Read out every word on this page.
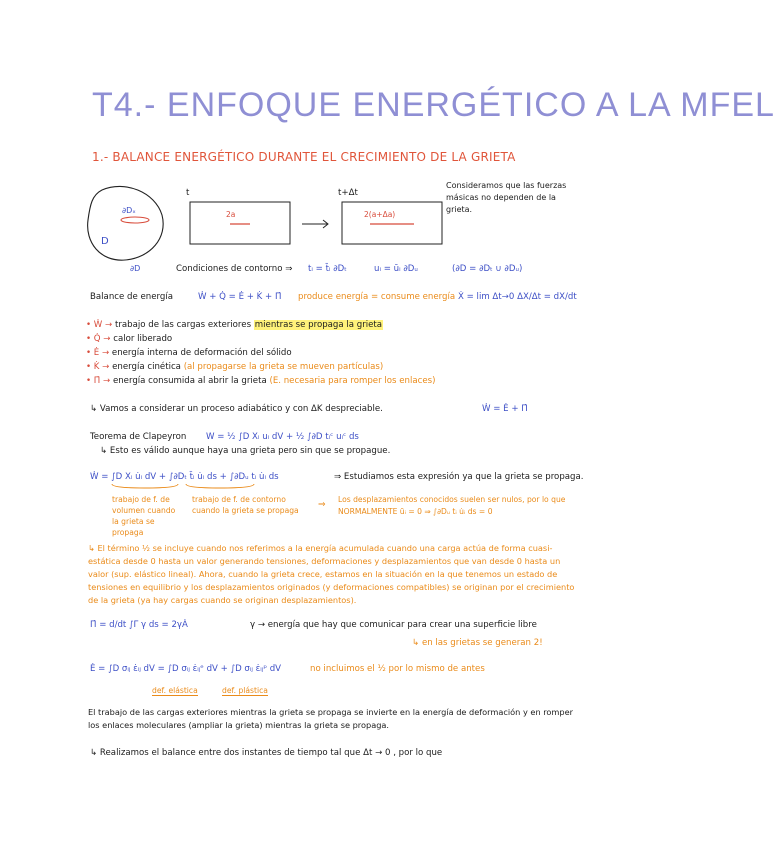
T4.- ENFOQUE ENERGÉTICO A LA MFEL
1.- BALANCE ENERGÉTICO DURANTE EL CRECIMIENTO DE LA GRIETA
∂Dₓ
D
∂D
t	t+Δt
2a	2(a+Δa)
Consideramos que las fuerzas másicas no dependen de la grieta.
Condiciones de contorno ⇒ tᵢ = t̄ᵢ ∂Dₜ	uᵢ = ūᵢ ∂Dᵤ	(∂D = ∂Dₜ ∪ ∂Dᵤ)
Balance de energía	Ẇ + Q̇ = Ė + K̇ + Π̇ produce energía = consume energía Ẋ = lim Δt→0 ΔX/Δt = dX/dt
• Ẇ → trabajo de las cargas exteriores mientras se propaga la grieta
• Q̇ → calor liberado
• Ė → energía interna de deformación del sólido
• K̇ → energía cinética (al propagarse la grieta se mueven partículas)
• Π̇ → energía consumida al abrir la grieta (E. necesaria para romper los enlaces)
↳ Vamos a considerar un proceso adiabático y con ΔK despreciable.	Ẇ = Ė + Π̇
Teorema de Clapeyron W = ½ ∫D Xᵢ uᵢ dV + ½ ∫∂D tᵢᶜ uᵢᶜ ds
↳ Esto es válido aunque haya una grieta pero sin que se propague.
Ẇ = ∫D Xᵢ u̇ᵢ dV + ∫∂Dₜ t̄ᵢ u̇ᵢ ds + ∫∂Dᵤ tᵢ u̇ᵢ ds	⇒ Estudiamos esta expresión ya que la grieta se propaga.
trabajo de f. de volumen cuando la grieta se propaga
trabajo de f. de contorno cuando la grieta se propaga
⇒
Los desplazamientos conocidos suelen ser nulos, por lo que NORMALMENTE ūᵢ = 0 ⇒ ∫∂Dᵤ tᵢ u̇ᵢ ds = 0
↳ El término ½ se incluye cuando nos referimos a la energía acumulada cuando una carga actúa de forma cuasi-estática desde 0 hasta un valor generando tensiones, deformaciones y desplazamientos que van desde 0 hasta un valor (sup. elástico lineal). Ahora, cuando la grieta crece, estamos en la situación en la que tenemos un estado de tensiones en equilibrio y los desplazamientos originados (y deformaciones compatibles) se originan por el crecimiento de la grieta (ya hay cargas cuando se originan desplazamientos).
Π̇ = d/dt ∫Γ γ ds = 2γȦ	γ → energía que hay que comunicar para crear una superficie libre
↳ en las grietas se generan 2!
Ė = ∫D σᵢⱼ ε̇ᵢⱼ dV = ∫D σᵢⱼ ε̇ᵢⱼᵉ dV + ∫D σᵢⱼ ε̇ᵢⱼᵖ dV	no incluimos el ½ por lo mismo de antes
def. elástica	def. plástica
El trabajo de las cargas exteriores mientras la grieta se propaga se invierte en la energía de deformación y en romper los enlaces moleculares (ampliar la grieta) mientras la grieta se propaga.
↳ Realizamos el balance entre dos instantes de tiempo tal que Δt → 0 , por lo que
